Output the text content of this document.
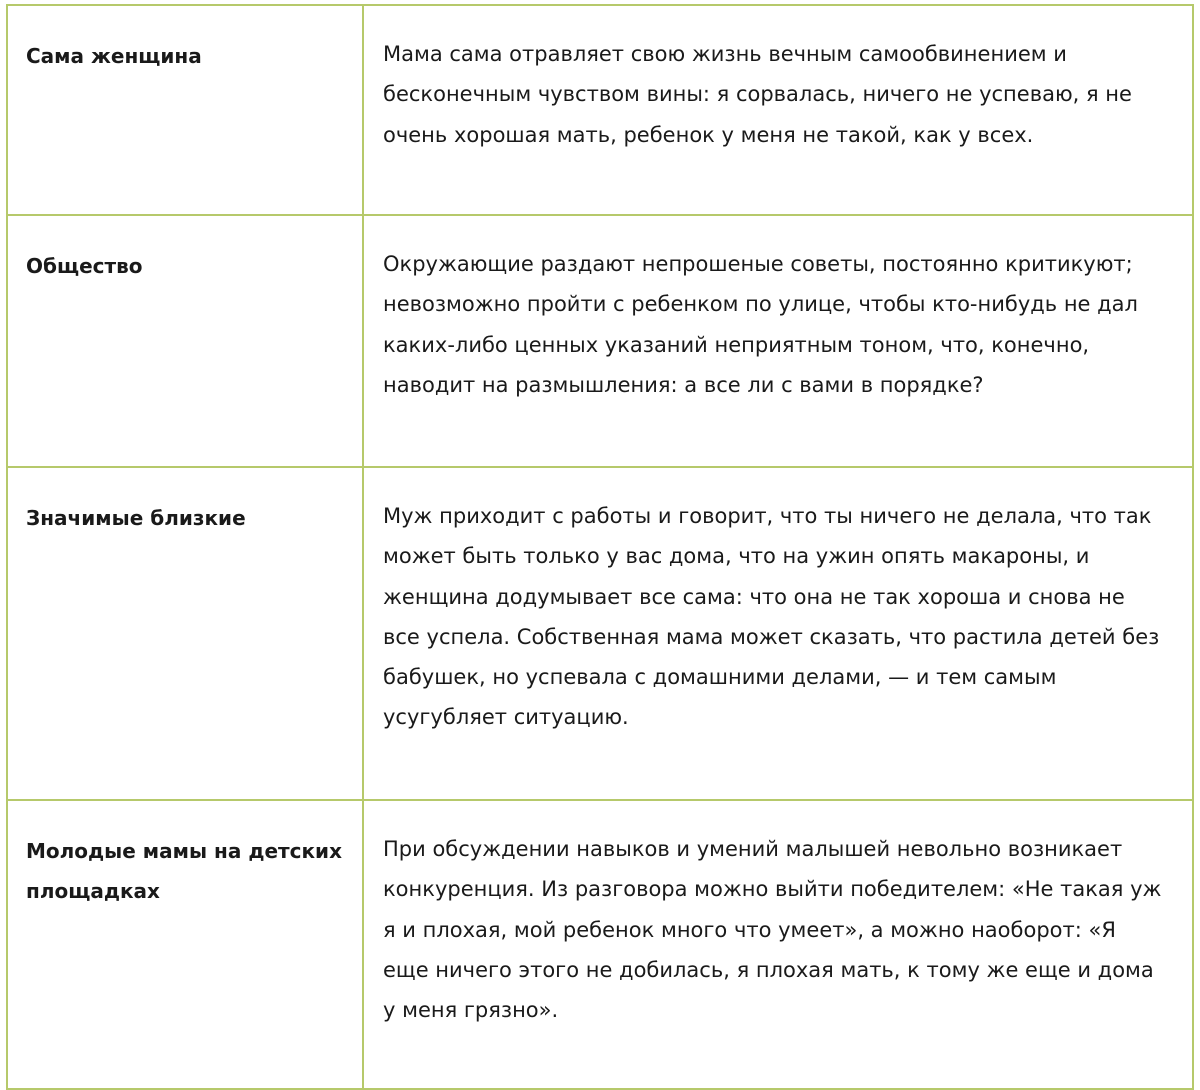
Сама женщина	Мама сама отравляет свою жизнь вечным самообвинением и бесконечным чувством вины: я сорвалась, ничего не успеваю, я не очень хорошая мать, ребенок у меня не такой, как у всех.
Общество	Окружающие раздают непрошеные советы, постоянно критикуют; невозможно пройти с ребенком по улице, чтобы кто-нибудь не дал каких-либо ценных указаний неприятным тоном, что, конечно, наводит на размышления: а все ли с вами в порядке?
Значимые близкие	Муж приходит с работы и говорит, что ты ничего не делала, что так может быть только у вас дома, что на ужин опять макароны, и женщина додумывает все сама: что она не так хороша и снова не все успела. Собственная мама может сказать, что растила детей без бабушек, но успевала с домашними делами, — и тем самым усугубляет ситуацию.
Молодые мамы на детских площадках	При обсуждении навыков и умений малышей невольно возникает конкуренция. Из разговора можно выйти победителем: «Не такая уж я и плохая, мой ребенок много что умеет», а можно наоборот: «Я еще ничего этого не добилась, я плохая мать, к тому же еще и дома у меня грязно».
